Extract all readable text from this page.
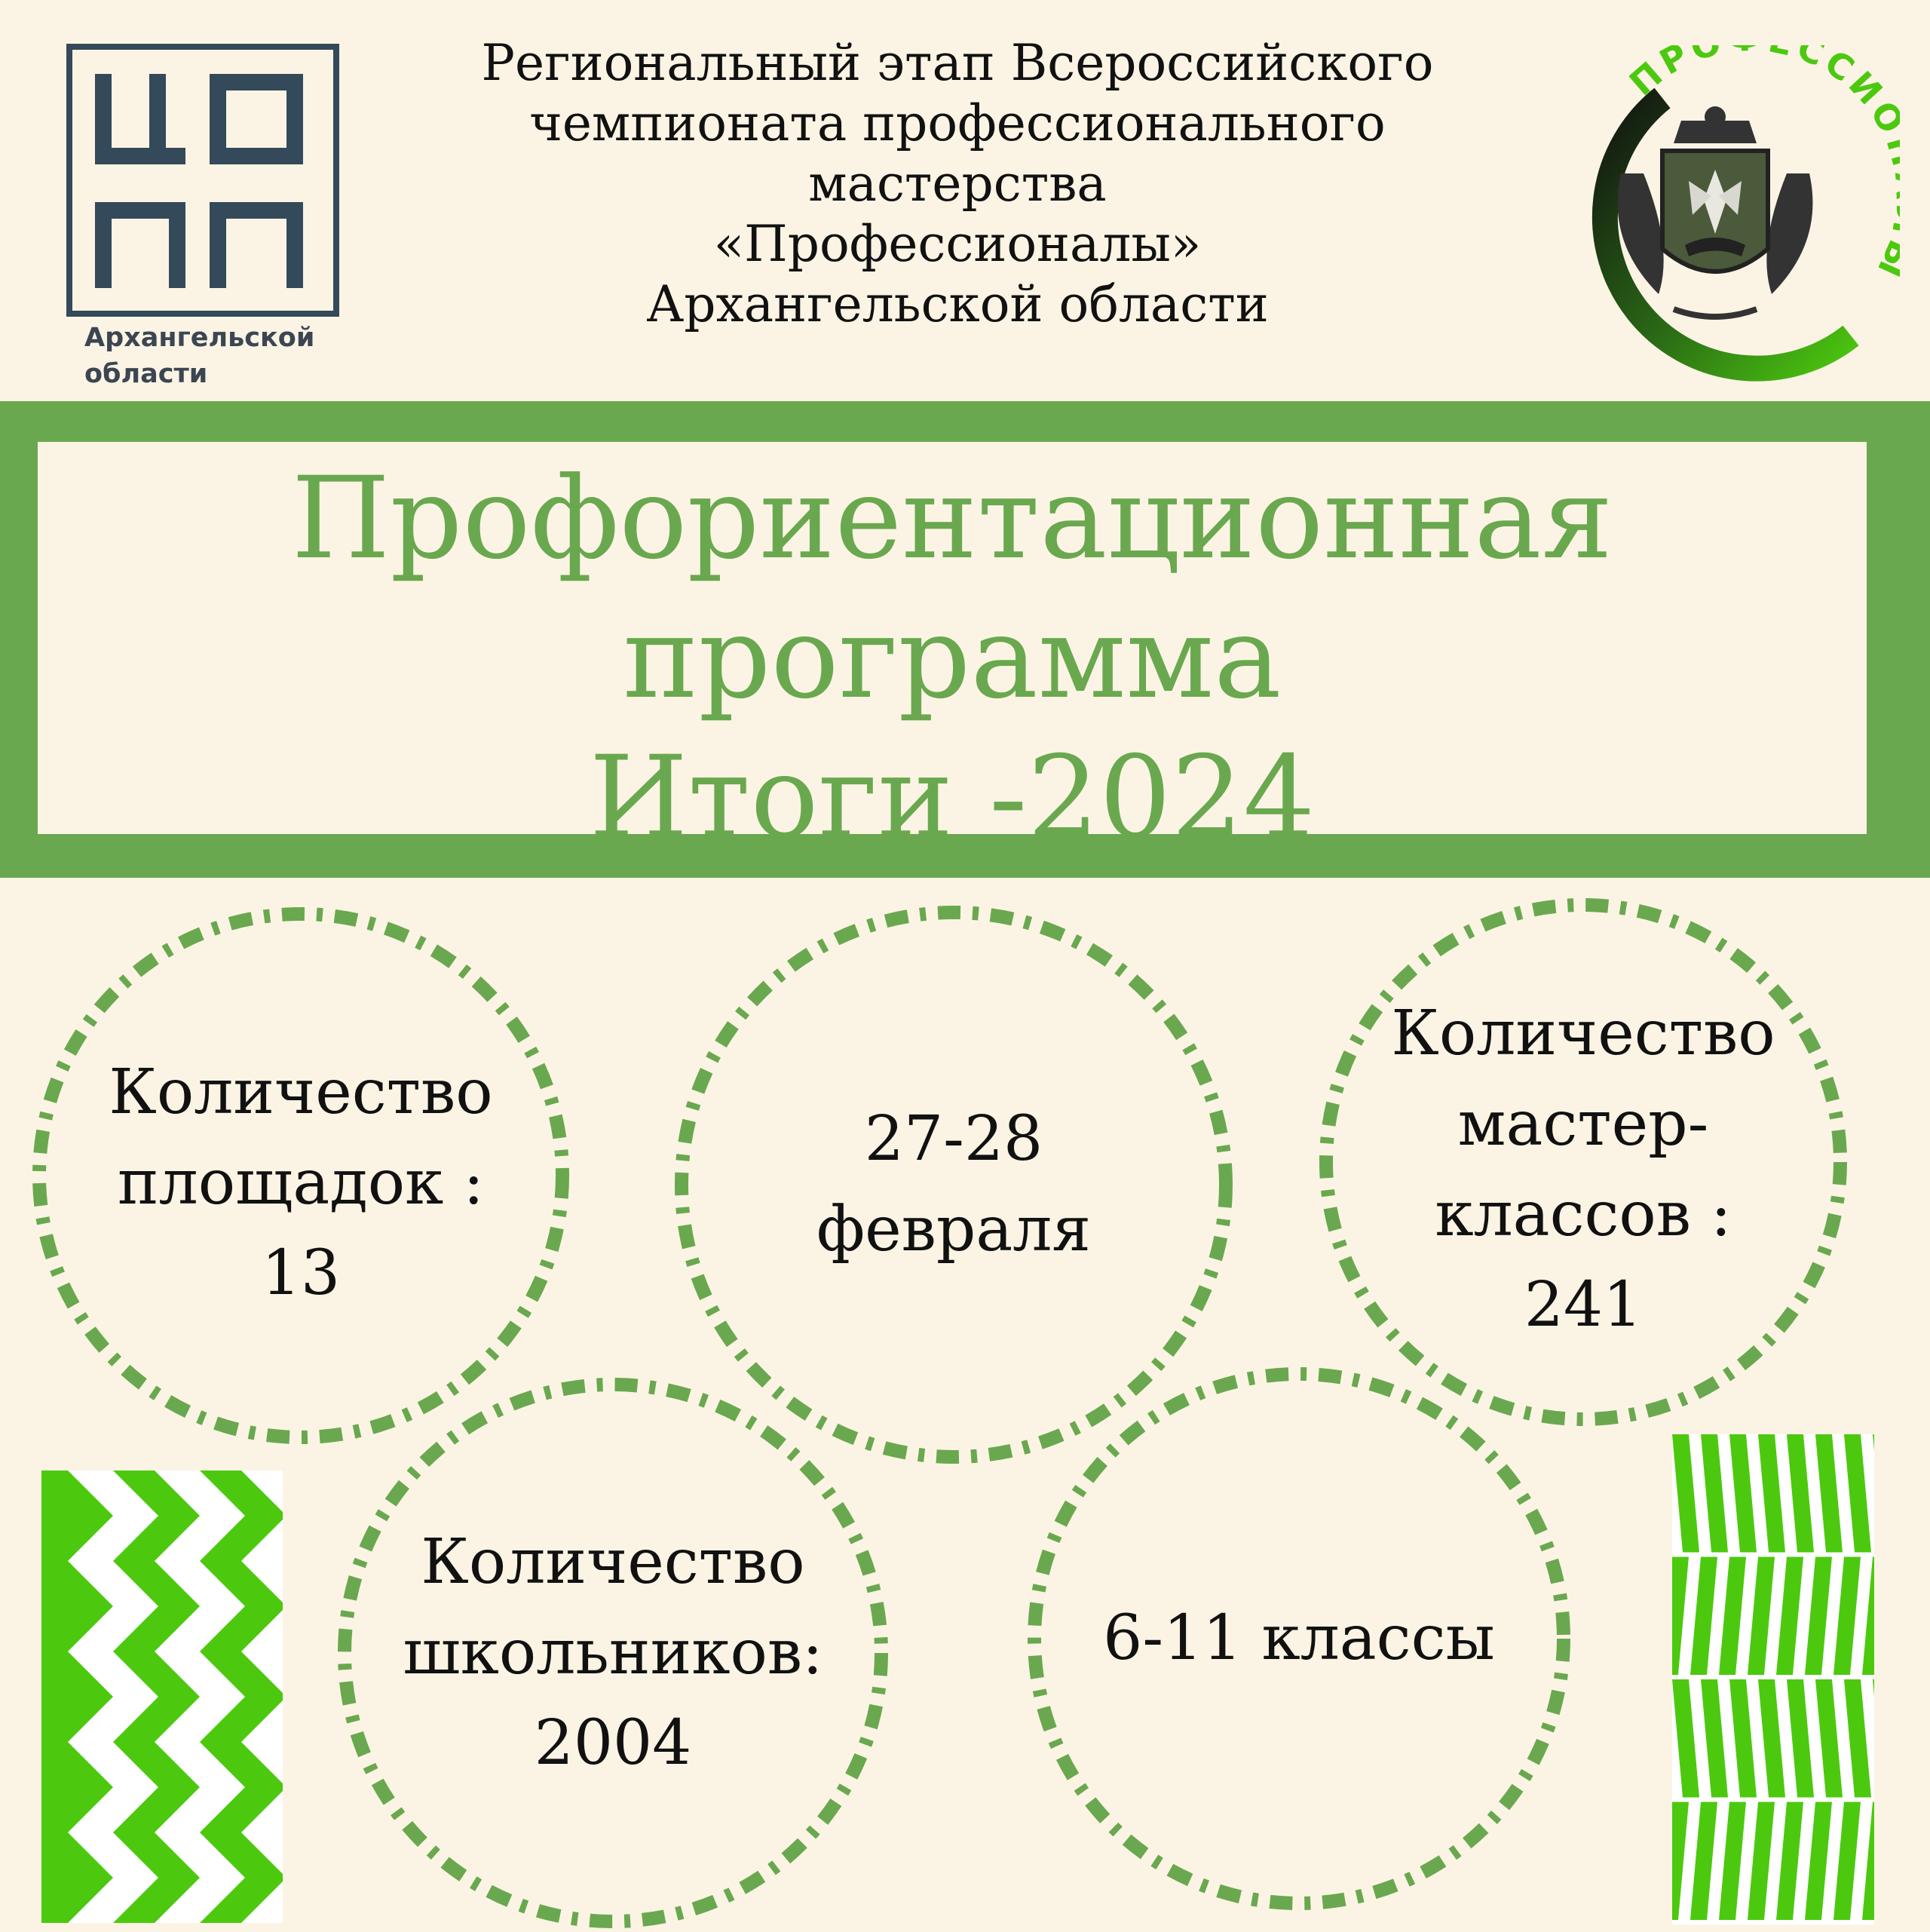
Архангельской
области
Региональный этап Всероссийского
чемпионата профессионального
мастерства
«Профессионалы»
Архангельской области
ПР ССИ
Профориентационная
программа
Итоги -2024
Количество
площадок :
13
27-28
февраля
Количество
мастер-
классов :
241
Количество
школьников:
2004
6-11 классы
